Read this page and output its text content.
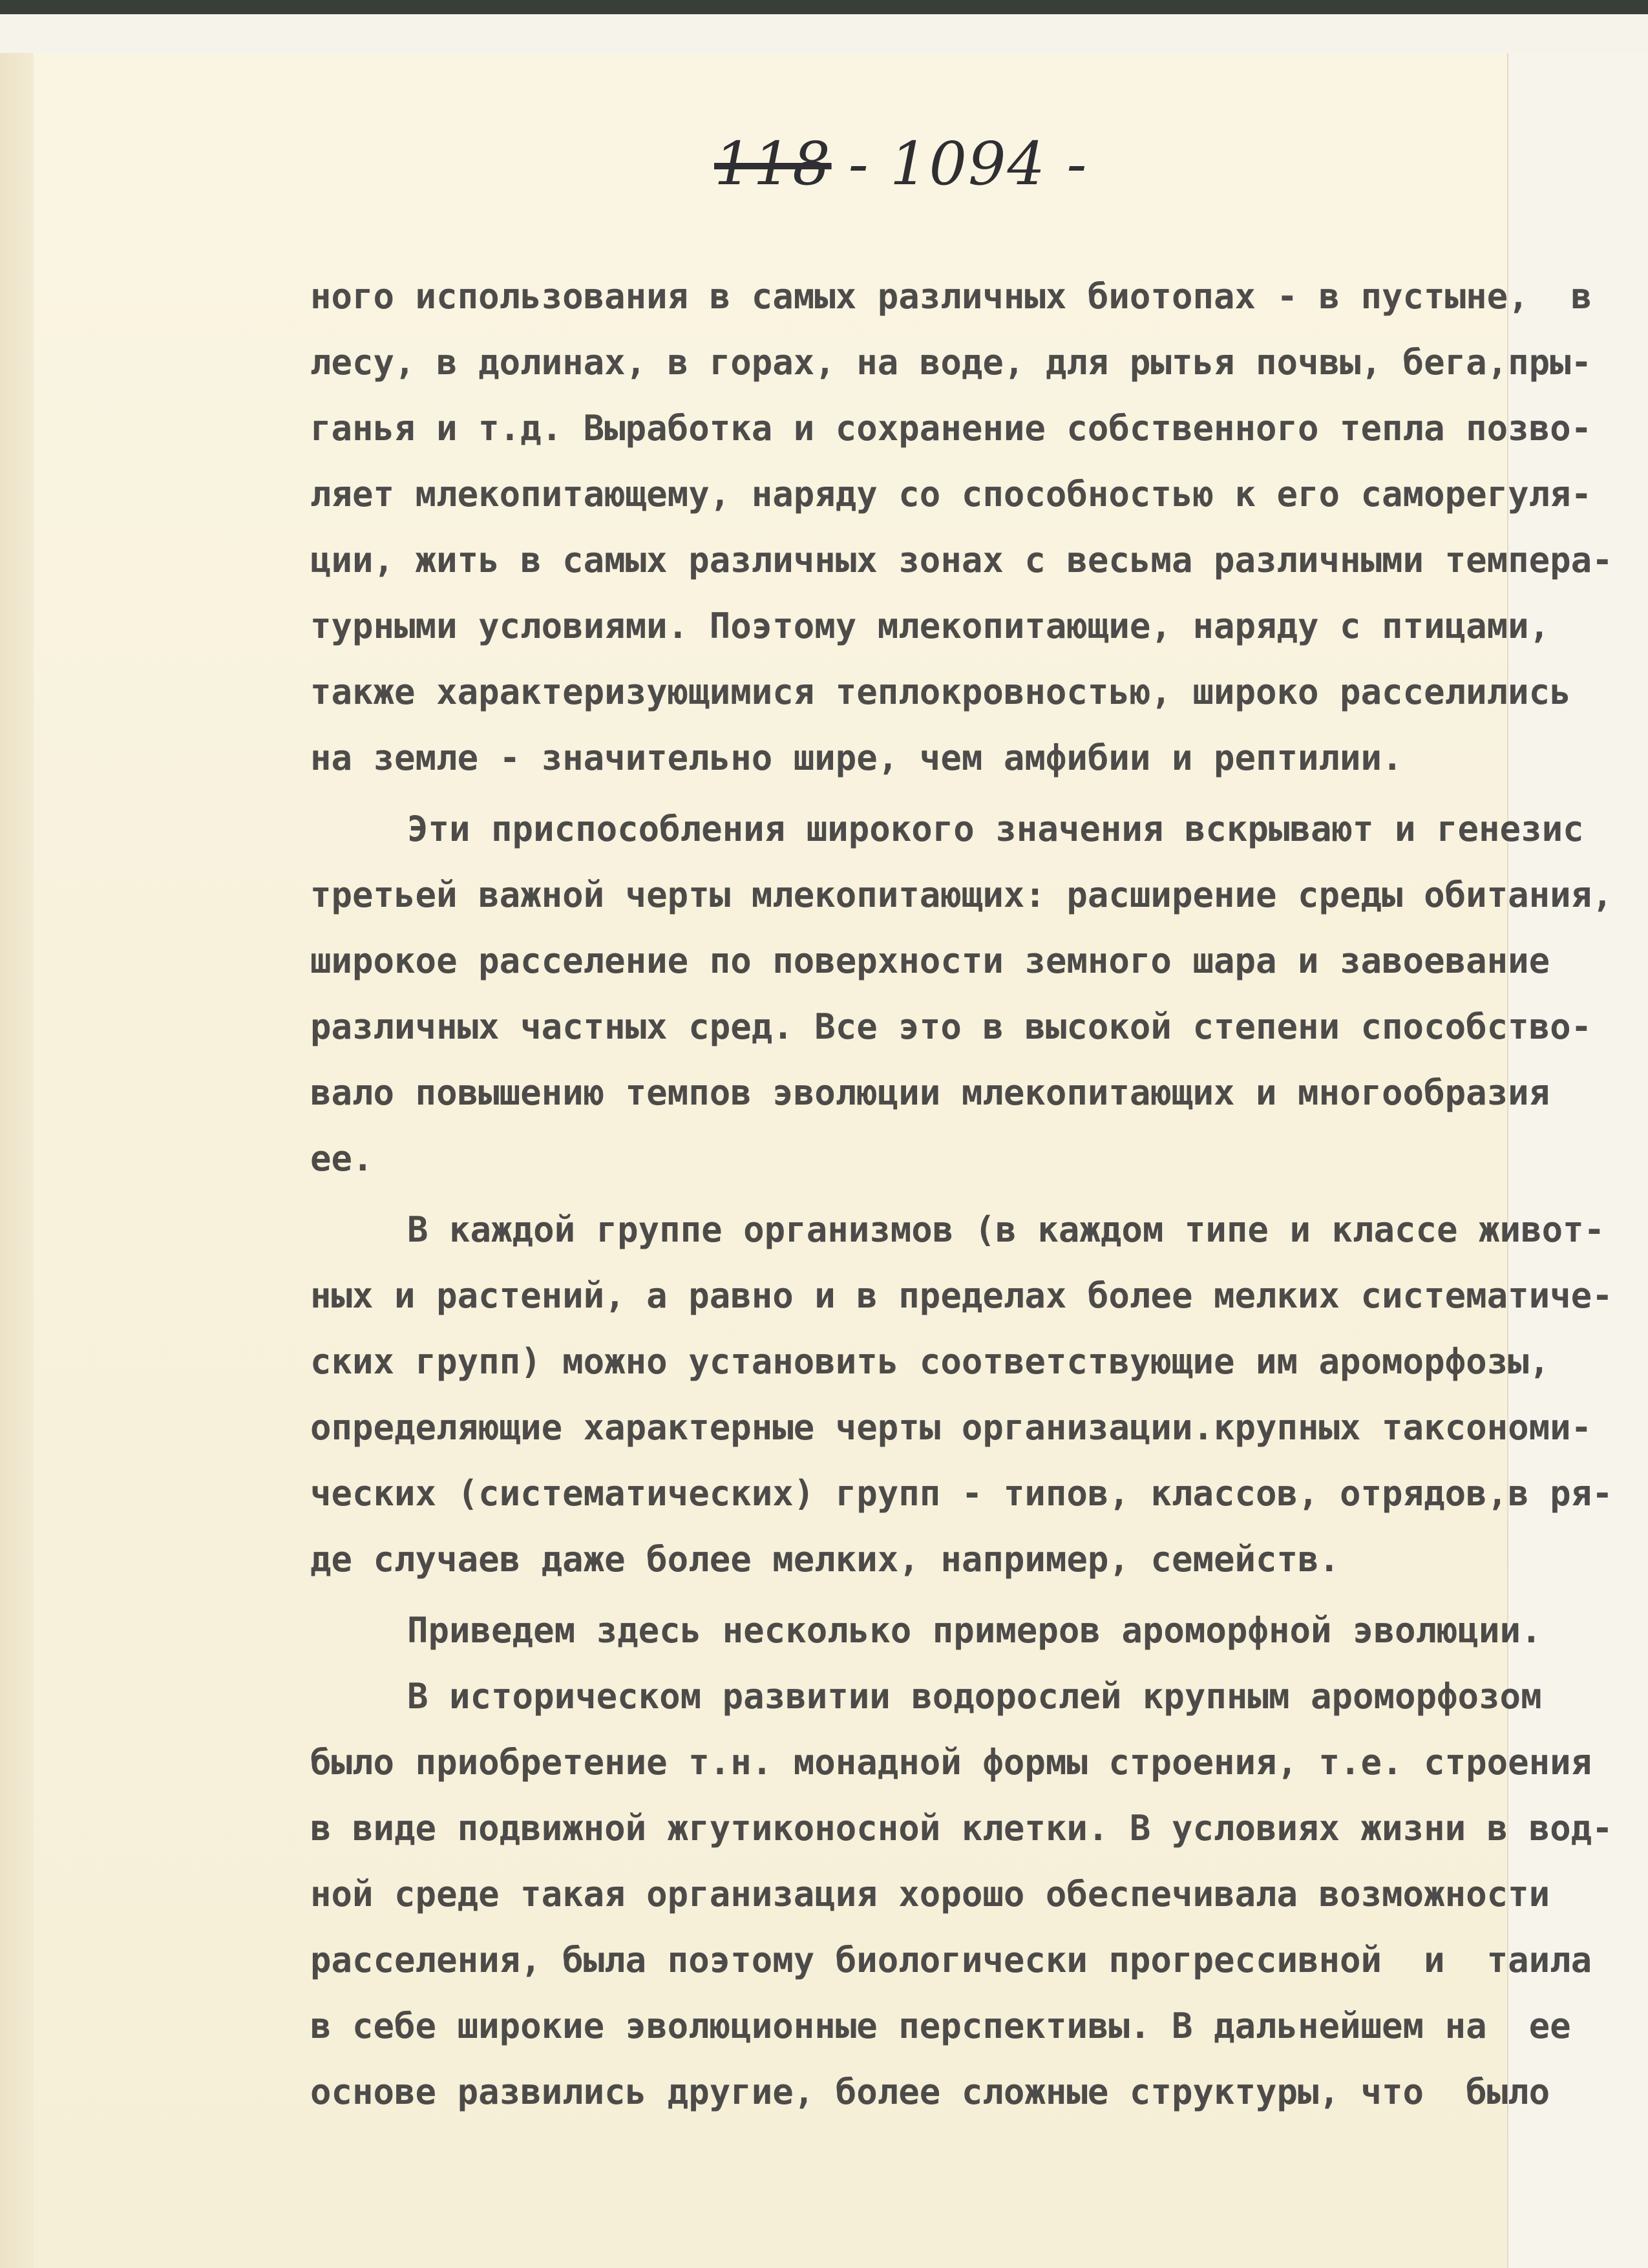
118 - 1094 -
ного использования в самых различных биотопах - в пустыне,  в
лесу, в долинах, в горах, на воде, для рытья почвы, бега,пры-
ганья и т.д. Выработка и сохранение собственного тепла позво-
ляет млекопитающему, наряду со способностью к его саморегуля-
ции, жить в самых различных зонах с весьма различными темпера-
турными условиями. Поэтому млекопитающие, наряду с птицами,
также характеризующимися теплокровностью, широко расселились
на земле - значительно шире, чем амфибии и рептилии.
Эти приспособления широкого значения вскрывают и генезис
третьей важной черты млекопитающих: расширение среды обитания,
широкое расселение по поверхности земного шара и завоевание
различных частных сред. Все это в высокой степени способство-
вало повышению темпов эволюции млекопитающих и многообразия
ее.
В каждой группе организмов (в каждом типе и классе живот-
ных и растений, а равно и в пределах более мелких систематиче-
ских групп) можно установить соответствующие им ароморфозы,
определяющие характерные черты организации.крупных таксономи-
ческих (систематических) групп - типов, классов, отрядов,в ря-
де случаев даже более мелких, например, семейств.
Приведем здесь несколько примеров ароморфной эволюции.
В историческом развитии водорослей крупным ароморфозом
было приобретение т.н. монадной формы строения, т.е. строения
в виде подвижной жгутиконосной клетки. В условиях жизни в вод-
ной среде такая организация хорошо обеспечивала возможности
расселения, была поэтому биологически прогрессивной  и  таила
в себе широкие эволюционные перспективы. В дальнейшем на  ее
основе развились другие, более сложные структуры, что  было
